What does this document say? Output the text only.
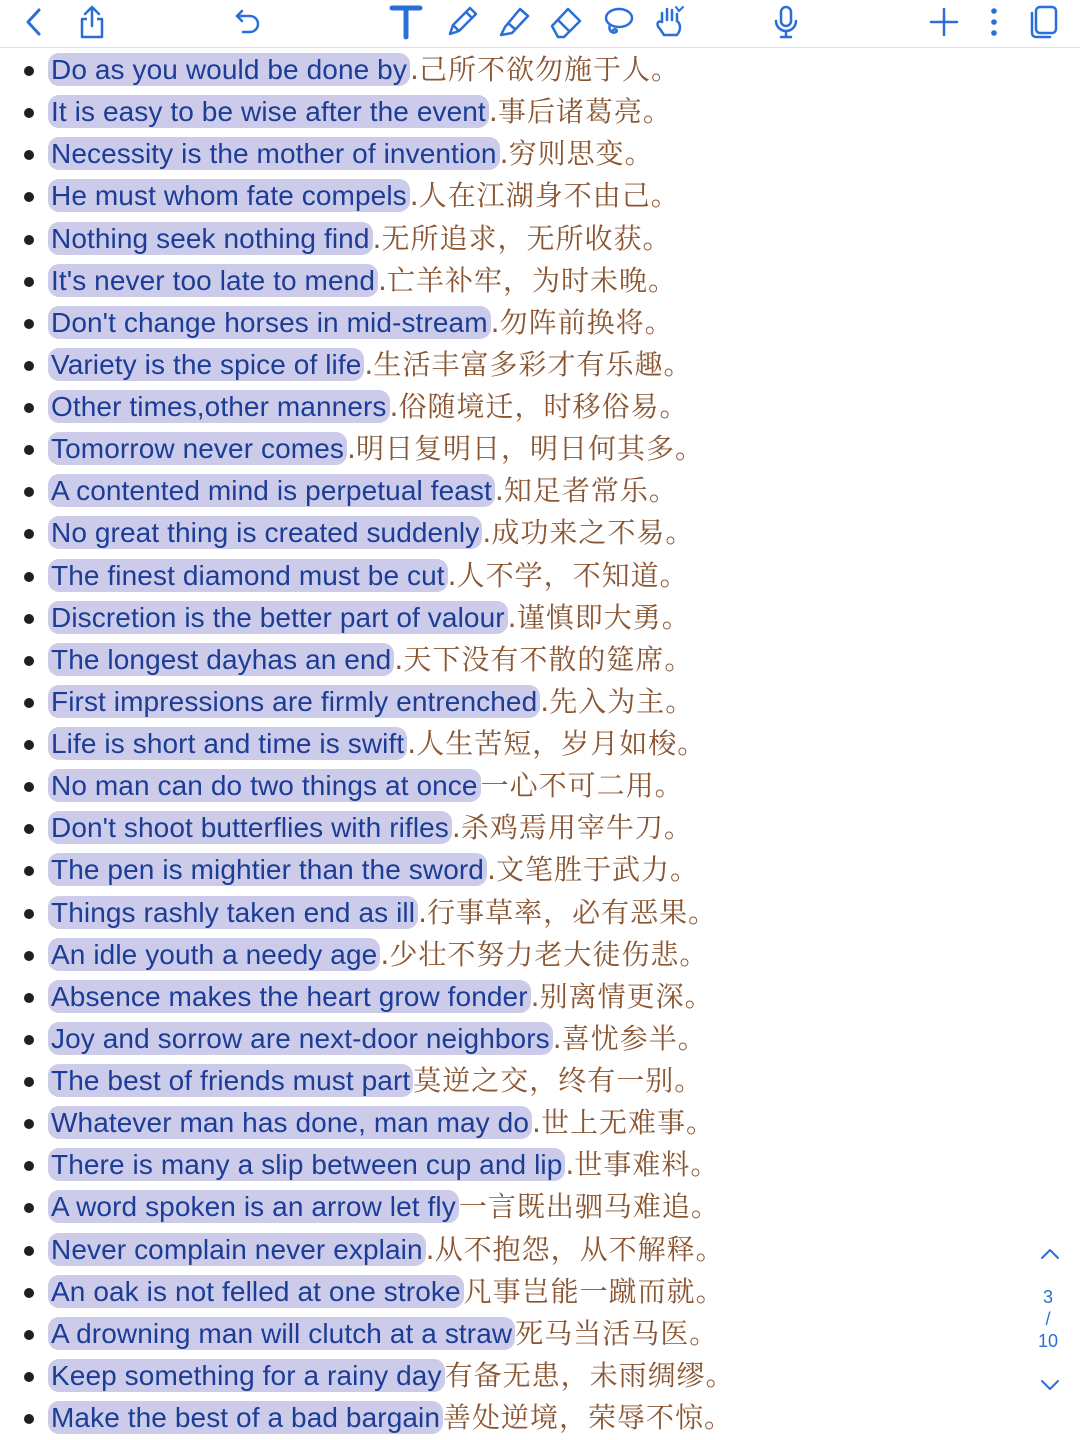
Do as you would be done by .己所不欲勿施于人。
It is easy to be wise after the event .事后诸葛亮。
Necessity is the mother of invention .穷则思变。
He must whom fate compels .人在江湖身不由己。
Nothing seek nothing find .无所追求，无所收获。
It's never too late to mend .亡羊补牢，为时未晚。
Don't change horses in mid-stream .勿阵前换将。
Variety is the spice of life .生活丰富多彩才有乐趣。
Other times,other manners .俗随境迁，时移俗易。
Tomorrow never comes .明日复明日，明日何其多。
A contented mind is perpetual feast .知足者常乐。
No great thing is created suddenly .成功来之不易。
The finest diamond must be cut .人不学，不知道。
Discretion is the better part of valour .谨慎即大勇。
The longest dayhas an end .天下没有不散的筵席。
First impressions are firmly entrenched .先入为主。
Life is short and time is swift .人生苦短，岁月如梭。
No man can do two things at once 一心不可二用。
Don't shoot butterflies with rifles .杀鸡焉用宰牛刀。
The pen is mightier than the sword .文笔胜于武力。
Things rashly taken end as ill .行事草率，必有恶果。
An idle youth a needy age .少壮不努力老大徒伤悲。
Absence makes the heart grow fonder .别离情更深。
Joy and sorrow are next-door neighbors .喜忧参半。
The best of friends must part 莫逆之交，终有一别。
Whatever man has done, man may do .世上无难事。
There is many a slip between cup and lip .世事难料。
A word spoken is an arrow let fly 一言既出驷马难追。
Never complain never explain .从不抱怨，从不解释。
An oak is not felled at one stroke 凡事岂能一蹴而就。
A drowning man will clutch at a straw 死马当活马医。
Keep something for a rainy day 有备无患，未雨绸缪。
Make the best of a bad bargain 善处逆境，荣辱不惊。
3
/
10
